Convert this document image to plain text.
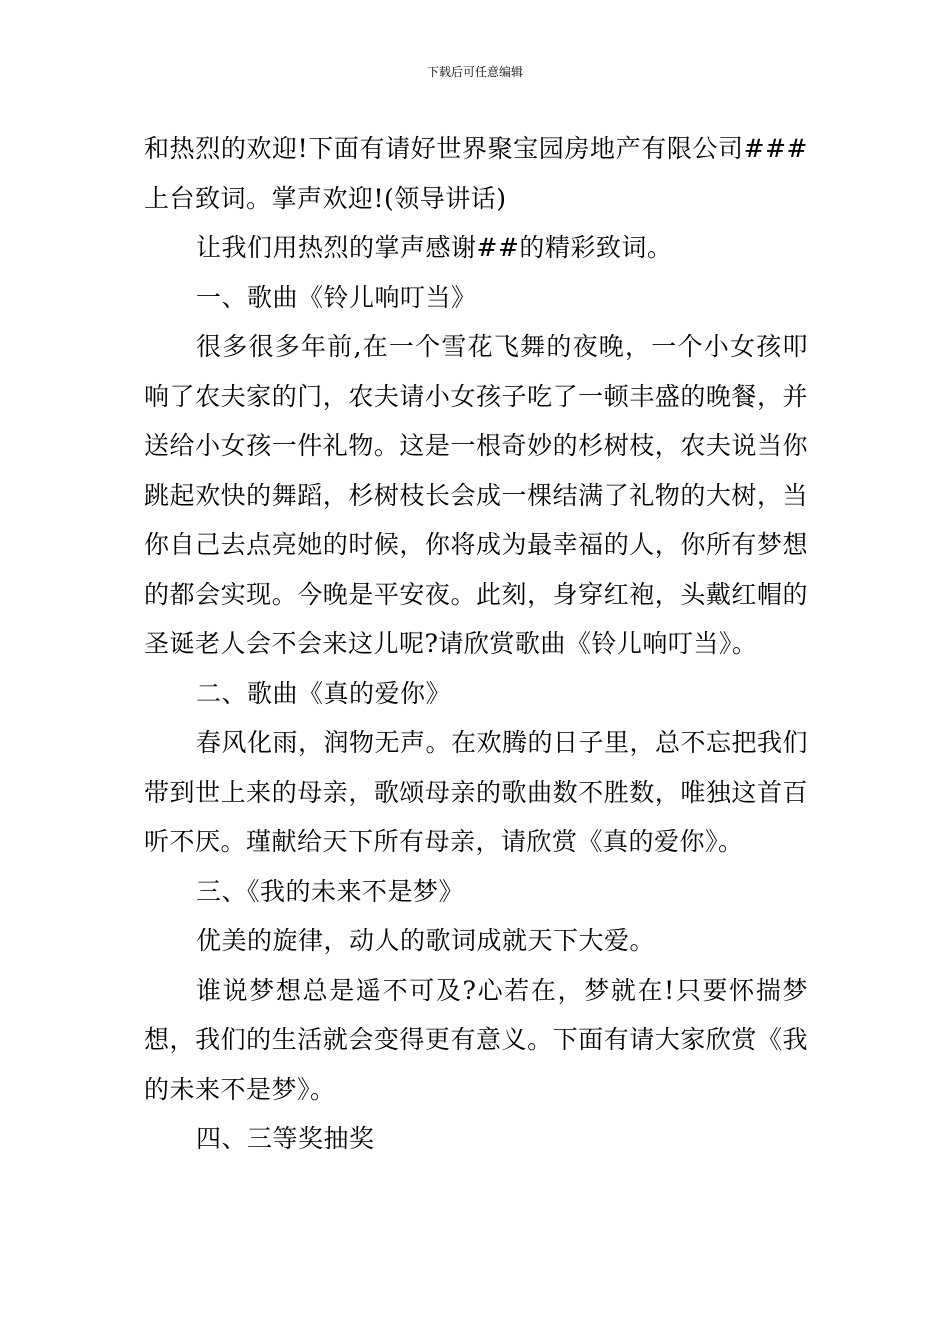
下载后可任意编辑

和热烈的欢迎!下面有请好世界聚宝园房地产有限公司###上台致词。掌声欢迎!(领导讲话)

让我们用热烈的掌声感谢##的精彩致词。

一、歌曲《铃儿响叮当》

很多很多年前,在一个雪花飞舞的夜晚，一个小女孩叩响了农夫家的门，农夫请小女孩子吃了一顿丰盛的晚餐，并送给小女孩一件礼物。这是一根奇妙的杉树枝，农夫说当你跳起欢快的舞蹈，杉树枝长会成一棵结满了礼物的大树，当你自己去点亮她的时候，你将成为最幸福的人，你所有梦想的都会实现。今晚是平安夜。此刻，身穿红袍，头戴红帽的圣诞老人会不会来这儿呢?请欣赏歌曲《铃儿响叮当》。

二、歌曲《真的爱你》

春风化雨，润物无声。在欢腾的日子里，总不忘把我们带到世上来的母亲，歌颂母亲的歌曲数不胜数，唯独这首百听不厌。瑾献给天下所有母亲，请欣赏《真的爱你》。

三、《我的未来不是梦》

优美的旋律，动人的歌词成就天下大爱。

谁说梦想总是遥不可及?心若在，梦就在!只要怀揣梦想，我们的生活就会变得更有意义。下面有请大家欣赏《我的未来不是梦》。

四、三等奖抽奖
